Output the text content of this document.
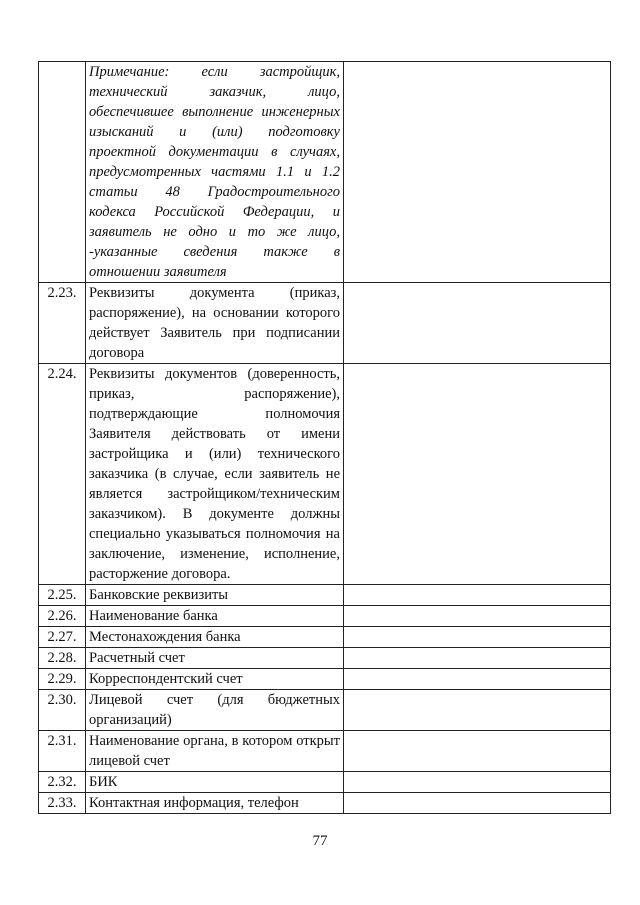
	Примечание: если застройщик, технический заказчик, лицо, обеспечившее выполнение инженерных изысканий и (или) подготовку проектной документации в случаях, предусмотренных частями 1.1 и 1.2 статьи 48 Градостроительного кодекса Российской Федерации, и заявитель не одно и то же лицо, -указанные сведения также в отношении заявителя	
2.23.	Реквизиты документа (приказ, распоряжение), на основании которого действует Заявитель при подписании договора	
2.24.	Реквизиты документов (доверенность, приказ, распоряжение), подтверждающие полномочия Заявителя действовать от имени застройщика и (или) технического заказчика (в случае, если заявитель не является застройщиком/техническим заказчиком). В документе должны специально указываться полномочия на заключение, изменение, исполнение, расторжение договора.	
2.25.	Банковские реквизиты	
2.26.	Наименование банка	
2.27.	Местонахождения банка	
2.28.	Расчетный счет	
2.29.	Корреспондентский счет	
2.30.	Лицевой счет (для бюджетных организаций)	
2.31.	Наименование органа, в котором открыт лицевой счет	
2.32.	БИК	
2.33.	Контактная информация, телефон	
77
